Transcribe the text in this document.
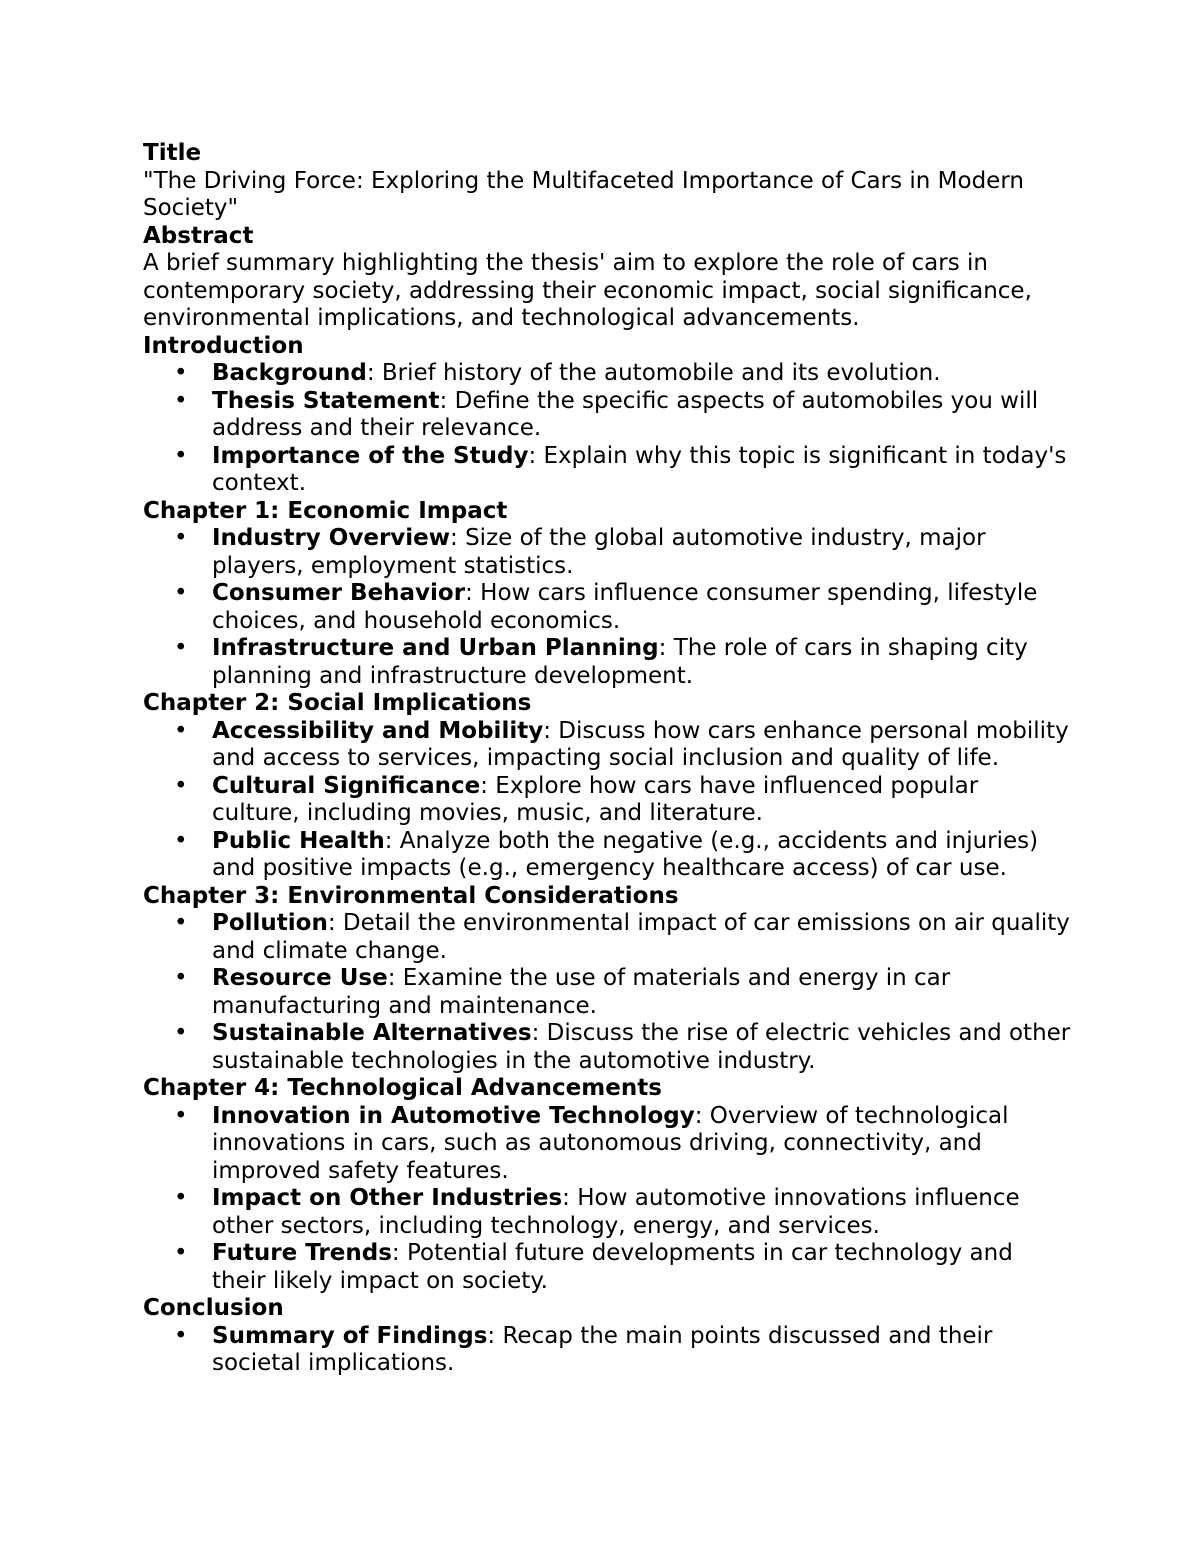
Title
"The Driving Force: Exploring the Multifaceted Importance of Cars in Modern Society"
Abstract
A brief summary highlighting the thesis' aim to explore the role of cars in contemporary society, addressing their economic impact, social significance, environmental implications, and technological advancements.
Introduction
• Background: Brief history of the automobile and its evolution.
• Thesis Statement: Define the specific aspects of automobiles you will address and their relevance.
• Importance of the Study: Explain why this topic is significant in today's context.
Chapter 1: Economic Impact
• Industry Overview: Size of the global automotive industry, major players, employment statistics.
• Consumer Behavior: How cars influence consumer spending, lifestyle choices, and household economics.
• Infrastructure and Urban Planning: The role of cars in shaping city planning and infrastructure development.
Chapter 2: Social Implications
• Accessibility and Mobility: Discuss how cars enhance personal mobility and access to services, impacting social inclusion and quality of life.
• Cultural Significance: Explore how cars have influenced popular culture, including movies, music, and literature.
• Public Health: Analyze both the negative (e.g., accidents and injuries) and positive impacts (e.g., emergency healthcare access) of car use.
Chapter 3: Environmental Considerations
• Pollution: Detail the environmental impact of car emissions on air quality and climate change.
• Resource Use: Examine the use of materials and energy in car manufacturing and maintenance.
• Sustainable Alternatives: Discuss the rise of electric vehicles and other sustainable technologies in the automotive industry.
Chapter 4: Technological Advancements
• Innovation in Automotive Technology: Overview of technological innovations in cars, such as autonomous driving, connectivity, and improved safety features.
• Impact on Other Industries: How automotive innovations influence other sectors, including technology, energy, and services.
• Future Trends: Potential future developments in car technology and their likely impact on society.
Conclusion
• Summary of Findings: Recap the main points discussed and their societal implications.
